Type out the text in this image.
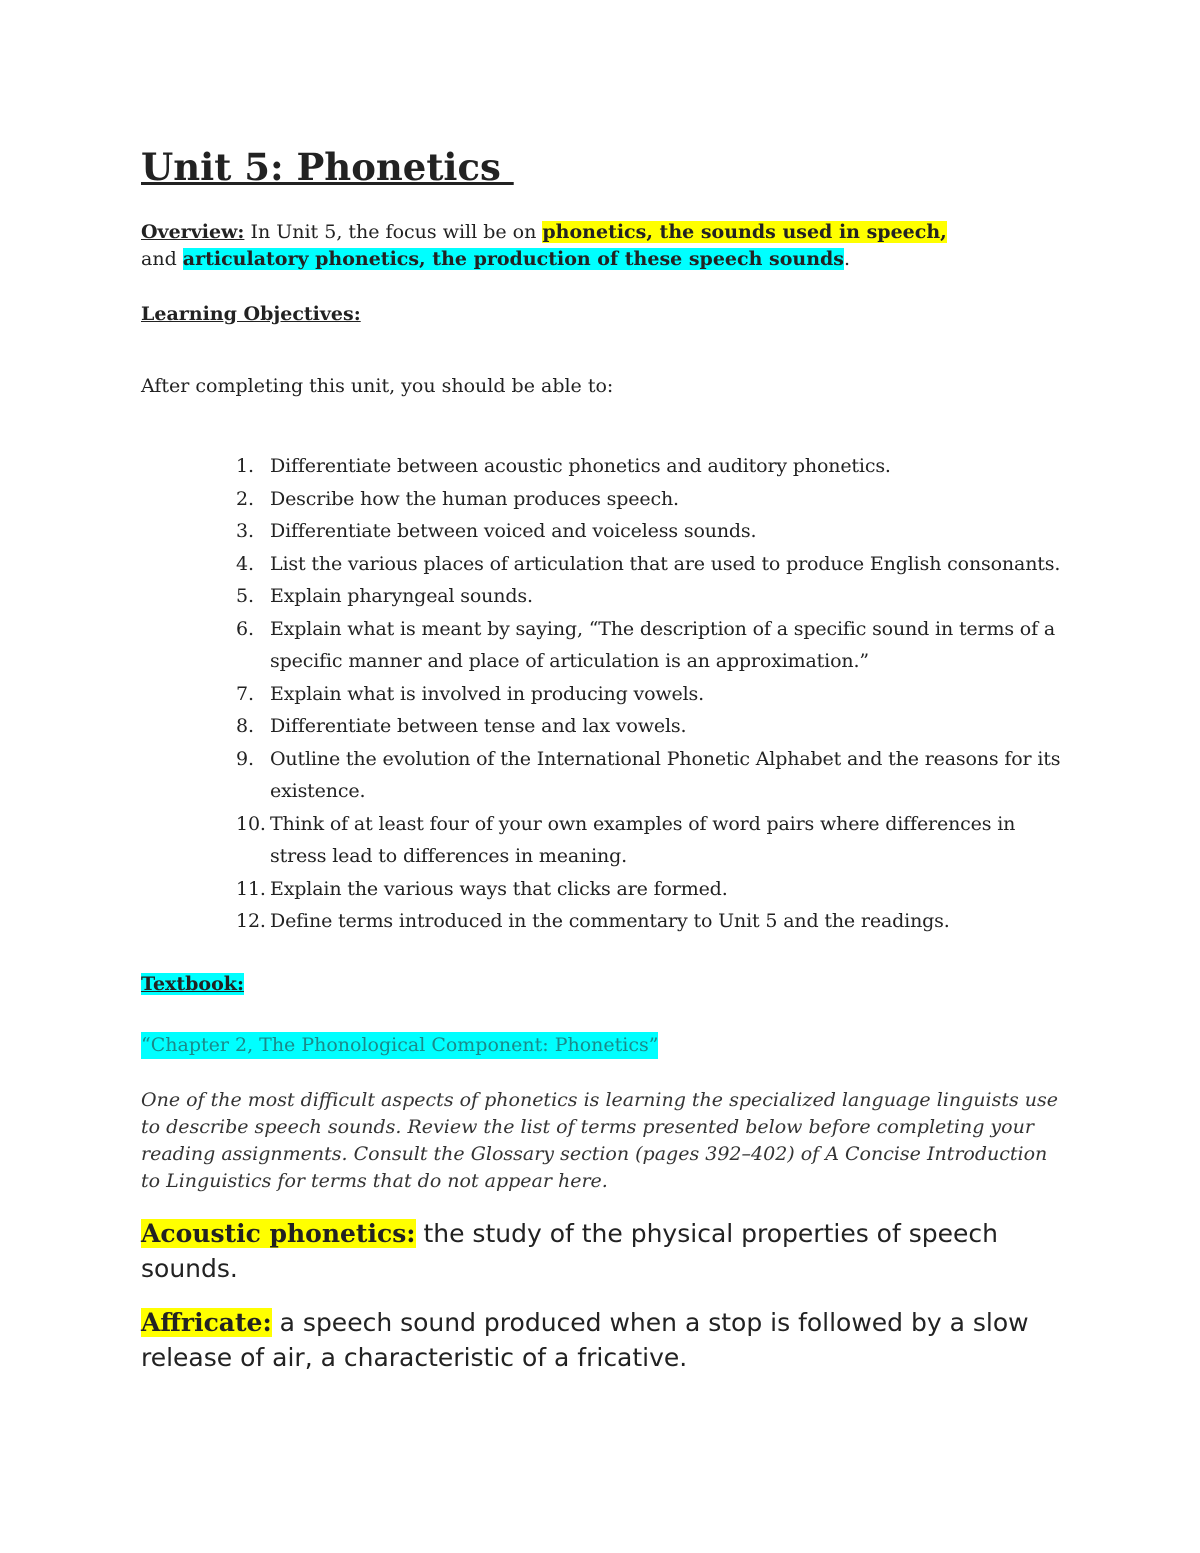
Unit 5: Phonetics

Overview: In Unit 5, the focus will be on phonetics, the sounds used in speech,

and articulatory phonetics, the production of these speech sounds.

Learning Objectives:

After completing this unit, you should be able to:

1. Differentiate between acoustic phonetics and auditory phonetics.
2. Describe how the human produces speech.
3. Differentiate between voiced and voiceless sounds.
4. List the various places of articulation that are used to produce English consonants.
5. Explain pharyngeal sounds.
6. Explain what is meant by saying, “The description of a specific sound in terms of a specific manner and place of articulation is an approximation.”
7. Explain what is involved in producing vowels.
8. Differentiate between tense and lax vowels.
9. Outline the evolution of the International Phonetic Alphabet and the reasons for its existence.
10. Think of at least four of your own examples of word pairs where differences in stress lead to differences in meaning.
11. Explain the various ways that clicks are formed.
12. Define terms introduced in the commentary to Unit 5 and the readings.

Textbook:

“Chapter 2, The Phonological Component: Phonetics”

One of the most difficult aspects of phonetics is learning the specialized language linguists use to describe speech sounds. Review the list of terms presented below before completing your reading assignments. Consult the Glossary section (pages 392–402) of A Concise Introduction to Linguistics for terms that do not appear here.

Acoustic phonetics: the study of the physical properties of speech sounds.

Affricate: a speech sound produced when a stop is followed by a slow release of air, a characteristic of a fricative.
